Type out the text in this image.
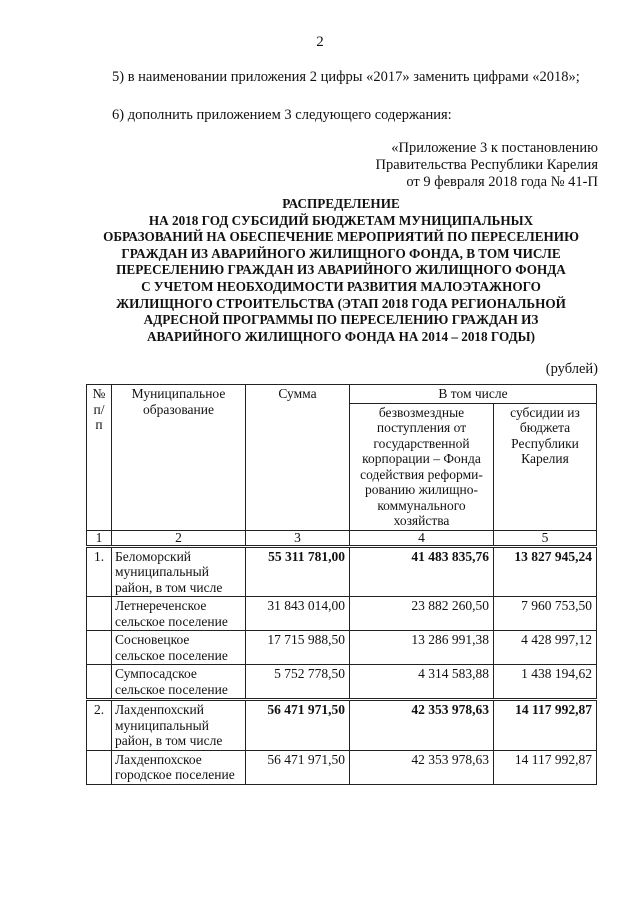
2
5) в наименовании приложения 2 цифры «2017» заменить цифрами «2018»;
6) дополнить приложением 3 следующего содержания:
«Приложение 3 к постановлению
Правительства Республики Карелия
от 9 февраля 2018 года № 41-П
РАСПРЕДЕЛЕНИЕ
НА 2018 ГОД СУБСИДИЙ БЮДЖЕТАМ МУНИЦИПАЛЬНЫХ
ОБРАЗОВАНИЙ НА ОБЕСПЕЧЕНИЕ МЕРОПРИЯТИЙ ПО ПЕРЕСЕЛЕНИЮ
ГРАЖДАН ИЗ АВАРИЙНОГО ЖИЛИЩНОГО ФОНДА, В ТОМ ЧИСЛЕ
ПЕРЕСЕЛЕНИЮ ГРАЖДАН ИЗ АВАРИЙНОГО ЖИЛИЩНОГО ФОНДА
С УЧЕТОМ НЕОБХОДИМОСТИ РАЗВИТИЯ МАЛОЭТАЖНОГО
ЖИЛИЩНОГО СТРОИТЕЛЬСТВА (ЭТАП 2018 ГОДА РЕГИОНАЛЬНОЙ
АДРЕСНОЙ ПРОГРАММЫ ПО ПЕРЕСЕЛЕНИЮ ГРАЖДАН ИЗ
АВАРИЙНОГО ЖИЛИЩНОГО ФОНДА НА 2014 – 2018 ГОДЫ)
(рублей)
№ п/п	Муниципальное образование	Сумма	В том числе	
			безвозмездные поступления от государственной корпорации – Фонда содействия реформи-рованию жилищно-коммунального хозяйства	субсидии из бюджета Республики Карелия
1	2	3	4	5
1.	Беломорский муниципальный район, в том числе	55 311 781,00	41 483 835,76	13 827 945,24
	Летнереченское сельское поселение	31 843 014,00	23 882 260,50	7 960 753,50
	Сосновецкое сельское поселение	17 715 988,50	13 286 991,38	4 428 997,12
	Сумпосадское сельское поселение	5 752 778,50	4 314 583,88	1 438 194,62
2.	Лахденпохский муниципальный район, в том числе	56 471 971,50	42 353 978,63	14 117 992,87
	Лахденпохское городское поселение	56 471 971,50	42 353 978,63	14 117 992,87
